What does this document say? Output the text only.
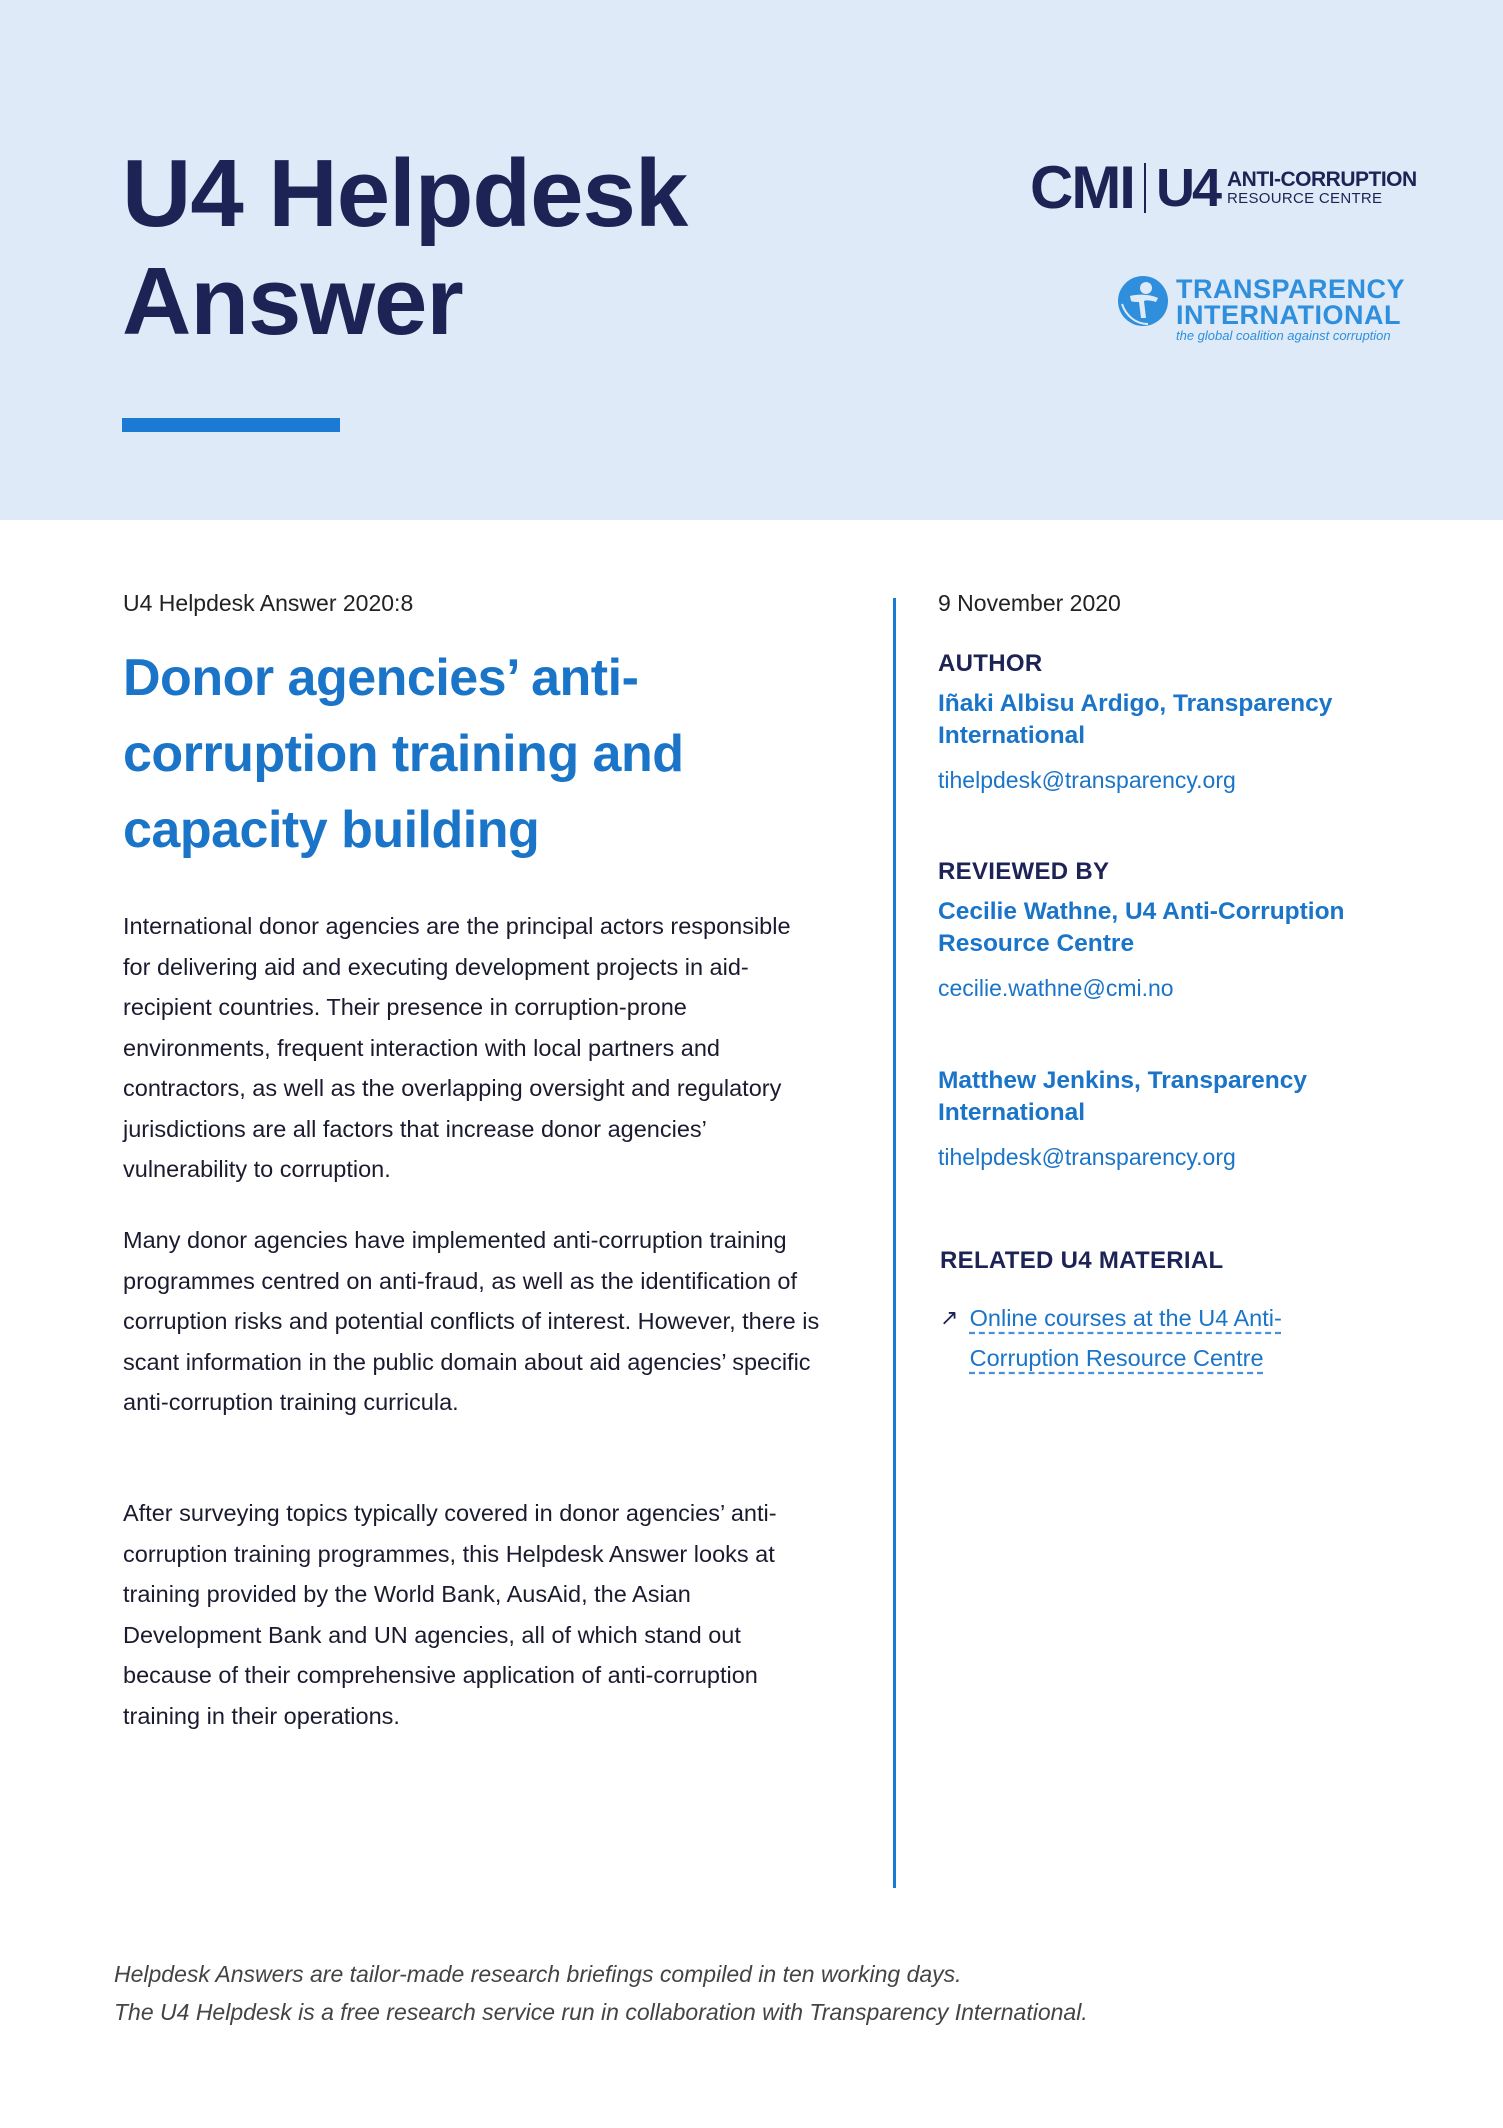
U4 Helpdesk
Answer
CMI U4 ANTI-CORRUPTION
RESOURCE CENTRE
TRANSPARENCY
INTERNATIONAL
the global coalition against corruption
U4 Helpdesk Answer 2020:8
Donor agencies’ anti-corruption training and capacity building
International donor agencies are the principal actors responsible for delivering aid and executing development projects in aid-recipient countries. Their presence in corruption-prone environments, frequent interaction with local partners and contractors, as well as the overlapping oversight and regulatory jurisdictions are all factors that increase donor agencies’ vulnerability to corruption.
Many donor agencies have implemented anti-corruption training programmes centred on anti-fraud, as well as the identification of corruption risks and potential conflicts of interest. However, there is scant information in the public domain about aid agencies’ specific anti-corruption training curricula.
After surveying topics typically covered in donor agencies’ anti-corruption training programmes, this Helpdesk Answer looks at training provided by the World Bank, AusAid, the Asian Development Bank and UN agencies, all of which stand out because of their comprehensive application of anti-corruption training in their operations.
9 November 2020
AUTHOR
Iñaki Albisu Ardigo, Transparency International
tihelpdesk@transparency.org
REVIEWED BY
Cecilie Wathne, U4 Anti-Corruption Resource Centre
cecilie.wathne@cmi.no
Matthew Jenkins, Transparency International
tihelpdesk@transparency.org
RELATED U4 MATERIAL
↗ Online courses at the U4 Anti-Corruption Resource Centre
Helpdesk Answers are tailor-made research briefings compiled in ten working days.
The U4 Helpdesk is a free research service run in collaboration with Transparency International.
